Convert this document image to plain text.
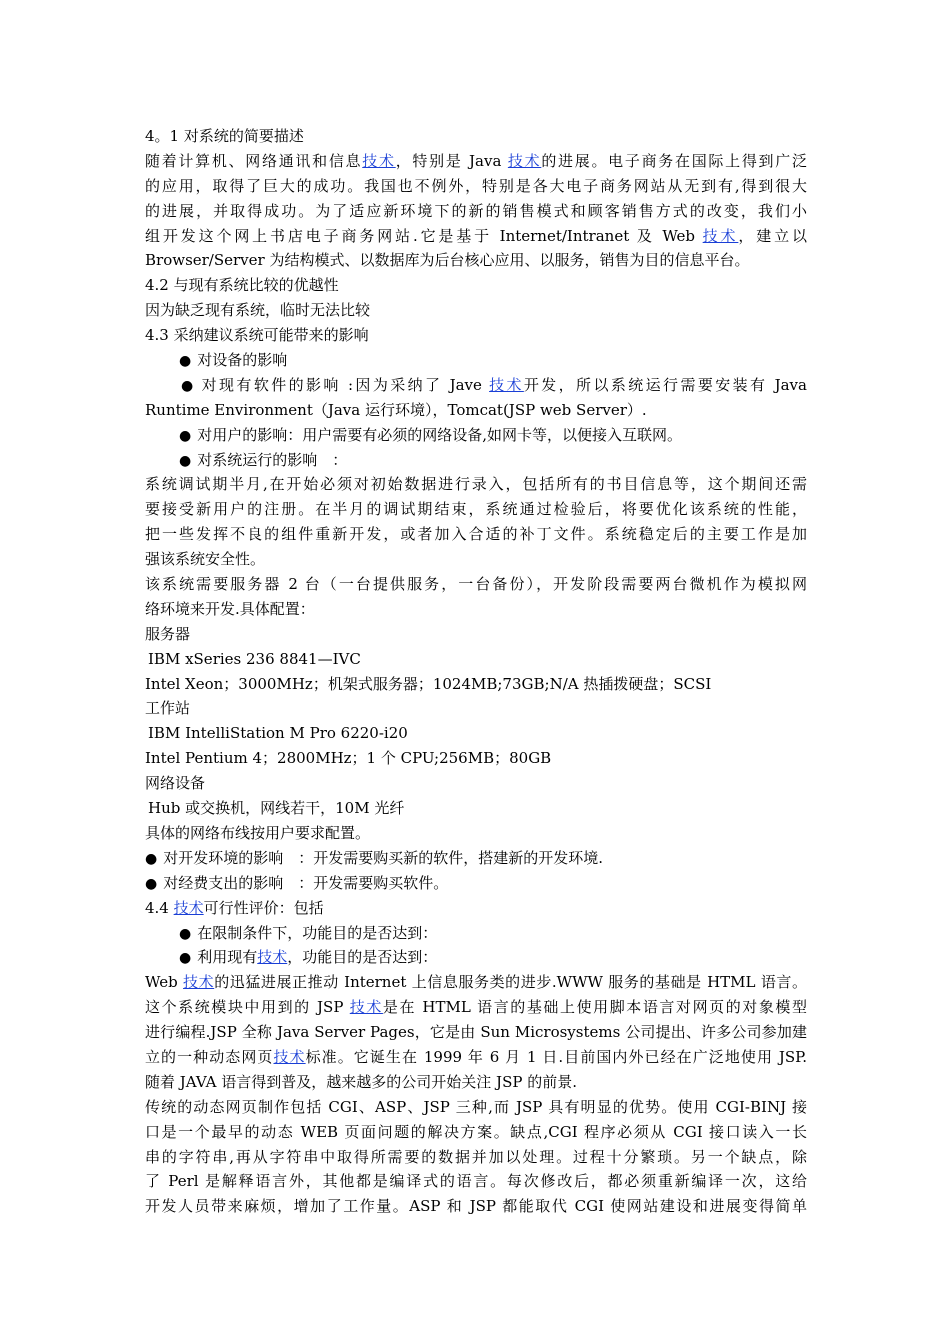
4。1 对系统的简要描述
随着计算机、网络通讯和信息技术，特别是 Java 技术的进展。电子商务在国际上得到广泛
的应用，取得了巨大的成功。我国也不例外，特别是各大电子商务网站从无到有,得到很大
的进展，并取得成功。为了适应新环境下的新的销售模式和顾客销售方式的改变，我们小
组开发这个网上书店电子商务网站.它是基于 Internet/Intranet 及 Web 技术，建立以
Browser/Server 为结构模式、以数据库为后台核心应用、以服务，销售为目的信息平台。
4.2 与现有系统比较的优越性
因为缺乏现有系统，临时无法比较
4.3 采纳建议系统可能带来的影响
● 对设备的影响
● 对现有软件的影响 :因为采纳了 Jave 技术开发，所以系统运行需要安装有 Java
Runtime Environment（Java 运行环境），Tomcat(JSP web Server）.
● 对用户的影响：用户需要有必须的网络设备,如网卡等，以便接入互联网。
● 对系统运行的影响　：
系统调试期半月,在开始必须对初始数据进行录入，包括所有的书目信息等，这个期间还需
要接受新用户的注册。在半月的调试期结束，系统通过检验后，将要优化该系统的性能，
把一些发挥不良的组件重新开发，或者加入合适的补丁文件。系统稳定后的主要工作是加
强该系统安全性。
该系统需要服务器 2 台（一台提供服务，一台备份），开发阶段需要两台微机作为模拟网
络环境来开发.具体配置：
服务器
IBM xSeries 236 8841—IVC
Intel Xeon；3000MHz；机架式服务器；1024MB;73GB;N/A 热插拨硬盘；SCSI
工作站
IBM IntelliStation M Pro 6220-i20
Intel Pentium 4；2800MHz；1 个 CPU;256MB；80GB
网络设备
Hub 或交换机，网线若干，10M 光纤
具体的网络布线按用户要求配置。
● 对开发环境的影响　：开发需要购买新的软件，搭建新的开发环境.
● 对经费支出的影响　：开发需要购买软件。
4.4 技术可行性评价：包括
● 在限制条件下，功能目的是否达到：
● 利用现有技术，功能目的是否达到：
Web 技术的迅猛进展正推动 Internet 上信息服务类的进步.WWW 服务的基础是 HTML 语言。
这个系统模块中用到的 JSP 技术是在 HTML 语言的基础上使用脚本语言对网页的对象模型
进行编程.JSP 全称 Java Server Pages，它是由 Sun Microsystems 公司提出、许多公司参加建
立的一种动态网页技术标准。它诞生在 1999 年 6 月 1 日.目前国内外已经在广泛地使用 JSP.
随着 JAVA 语言得到普及，越来越多的公司开始关注 JSP 的前景.
传统的动态网页制作包括 CGI、ASP、JSP 三种,而 JSP 具有明显的优势。使用 CGI-BINJ 接
口是一个最早的动态 WEB 页面问题的解决方案。缺点,CGI 程序必须从 CGI 接口读入一长
串的字符串,再从字符串中取得所需要的数据并加以处理。过程十分繁琐。另一个缺点，除
了 Perl 是解释语言外，其他都是编译式的语言。每次修改后，都必须重新编译一次，这给
开发人员带来麻烦，增加了工作量。ASP 和 JSP 都能取代 CGI 使网站建设和进展变得简单
